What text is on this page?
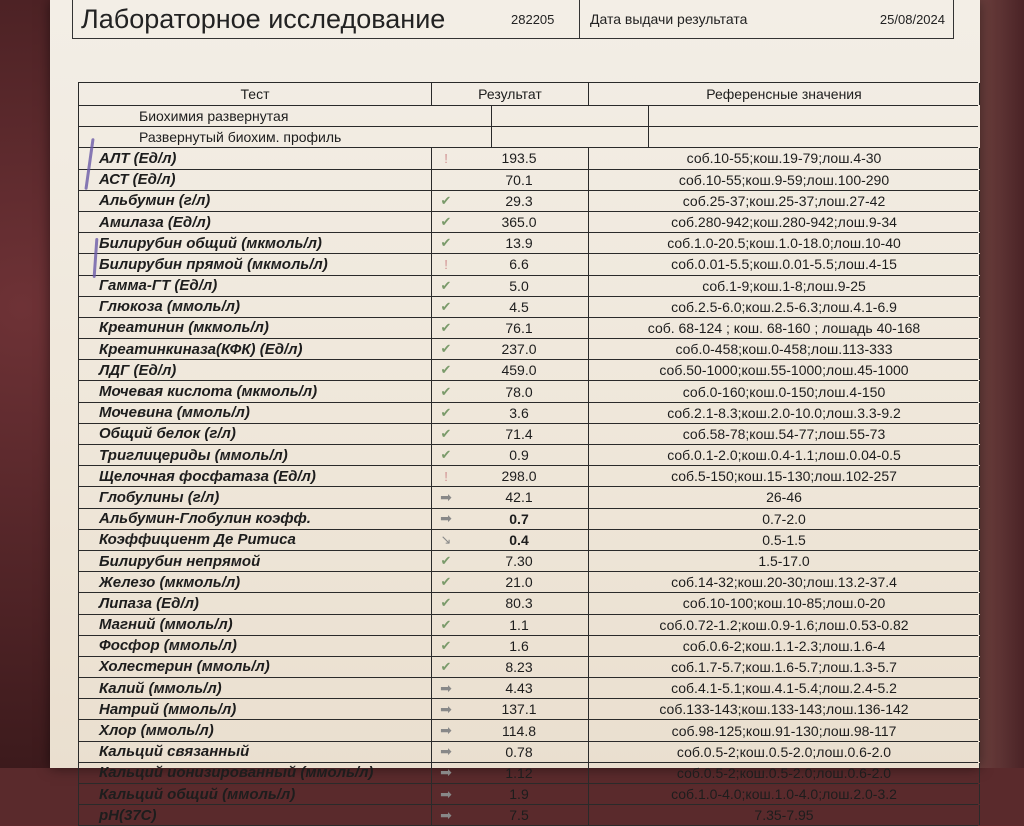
Лабораторное исследование	282205	Дата выдачи результата	25/08/2024
Тест	Результат	Референсные значения
Биохимия развернутая
Развернутый биохим. профиль
АЛТ (Ед/л)	!	193.5	соб.10-55;кош.19-79;лош.4-30
АСТ (Ед/л)	70.1	соб.10-55;кош.9-59;лош.100-290
Альбумин (г/л)	✔	29.3	соб.25-37;кош.25-37;лош.27-42
Амилаза (Ед/л)	✔	365.0	соб.280-942;кош.280-942;лош.9-34
Билирубин общий (мкмоль/л)	✔	13.9	соб.1.0-20.5;кош.1.0-18.0;лош.10-40
Билирубин прямой (мкмоль/л)	!	6.6	соб.0.01-5.5;кош.0.01-5.5;лош.4-15
Гамма-ГТ (Ед/л)	✔	5.0	соб.1-9;кош.1-8;лош.9-25
Глюкоза (ммоль/л)	✔	4.5	соб.2.5-6.0;кош.2.5-6.3;лош.4.1-6.9
Креатинин (мкмоль/л)	✔	76.1	соб. 68-124 ; кош. 68-160 ; лошадь 40-168
Креатинкиназа(КФК) (Ед/л)	✔	237.0	соб.0-458;кош.0-458;лош.113-333
ЛДГ (Ед/л)	✔	459.0	соб.50-1000;кош.55-1000;лош.45-1000
Мочевая кислота (мкмоль/л)	✔	78.0	соб.0-160;кош.0-150;лош.4-150
Мочевина (ммоль/л)	✔	3.6	соб.2.1-8.3;кош.2.0-10.0;лош.3.3-9.2
Общий белок (г/л)	✔	71.4	соб.58-78;кош.54-77;лош.55-73
Триглицериды (ммоль/л)	✔	0.9	соб.0.1-2.0;кош.0.4-1.1;лош.0.04-0.5
Щелочная фосфатаза (Ед/л)	!	298.0	соб.5-150;кош.15-130;лош.102-257
Глобулины (г/л)	➡	42.1	26-46
Альбумин-Глобулин коэфф.	➡	0.7	0.7-2.0
Коэффициент Де Ритиса	↘	0.4	0.5-1.5
Билирубин непрямой	✔	7.30	1.5-17.0
Железо (мкмоль/л)	✔	21.0	соб.14-32;кош.20-30;лош.13.2-37.4
Липаза (Ед/л)	✔	80.3	соб.10-100;кош.10-85;лош.0-20
Магний (ммоль/л)	✔	1.1	соб.0.72-1.2;кош.0.9-1.6;лош.0.53-0.82
Фосфор (ммоль/л)	✔	1.6	соб.0.6-2;кош.1.1-2.3;лош.1.6-4
Холестерин (ммоль/л)	✔	8.23	соб.1.7-5.7;кош.1.6-5.7;лош.1.3-5.7
Калий (ммоль/л)	➡	4.43	соб.4.1-5.1;кош.4.1-5.4;лош.2.4-5.2
Натрий (ммоль/л)	➡	137.1	соб.133-143;кош.133-143;лош.136-142
Хлор (ммоль/л)	➡	114.8	соб.98-125;кош.91-130;лош.98-117
Кальций связанный	➡	0.78	соб.0.5-2;кош.0.5-2.0;лош.0.6-2.0
Кальций ионизированный (ммоль/л)	➡	1.12	соб.0.5-2;кош.0.5-2.0;лош.0.6-2.0
Кальций общий (ммоль/л)	➡	1.9	соб.1.0-4.0;кош.1.0-4.0;лош.2.0-3.2
pH(37C)	➡	7.5	7.35-7.95
